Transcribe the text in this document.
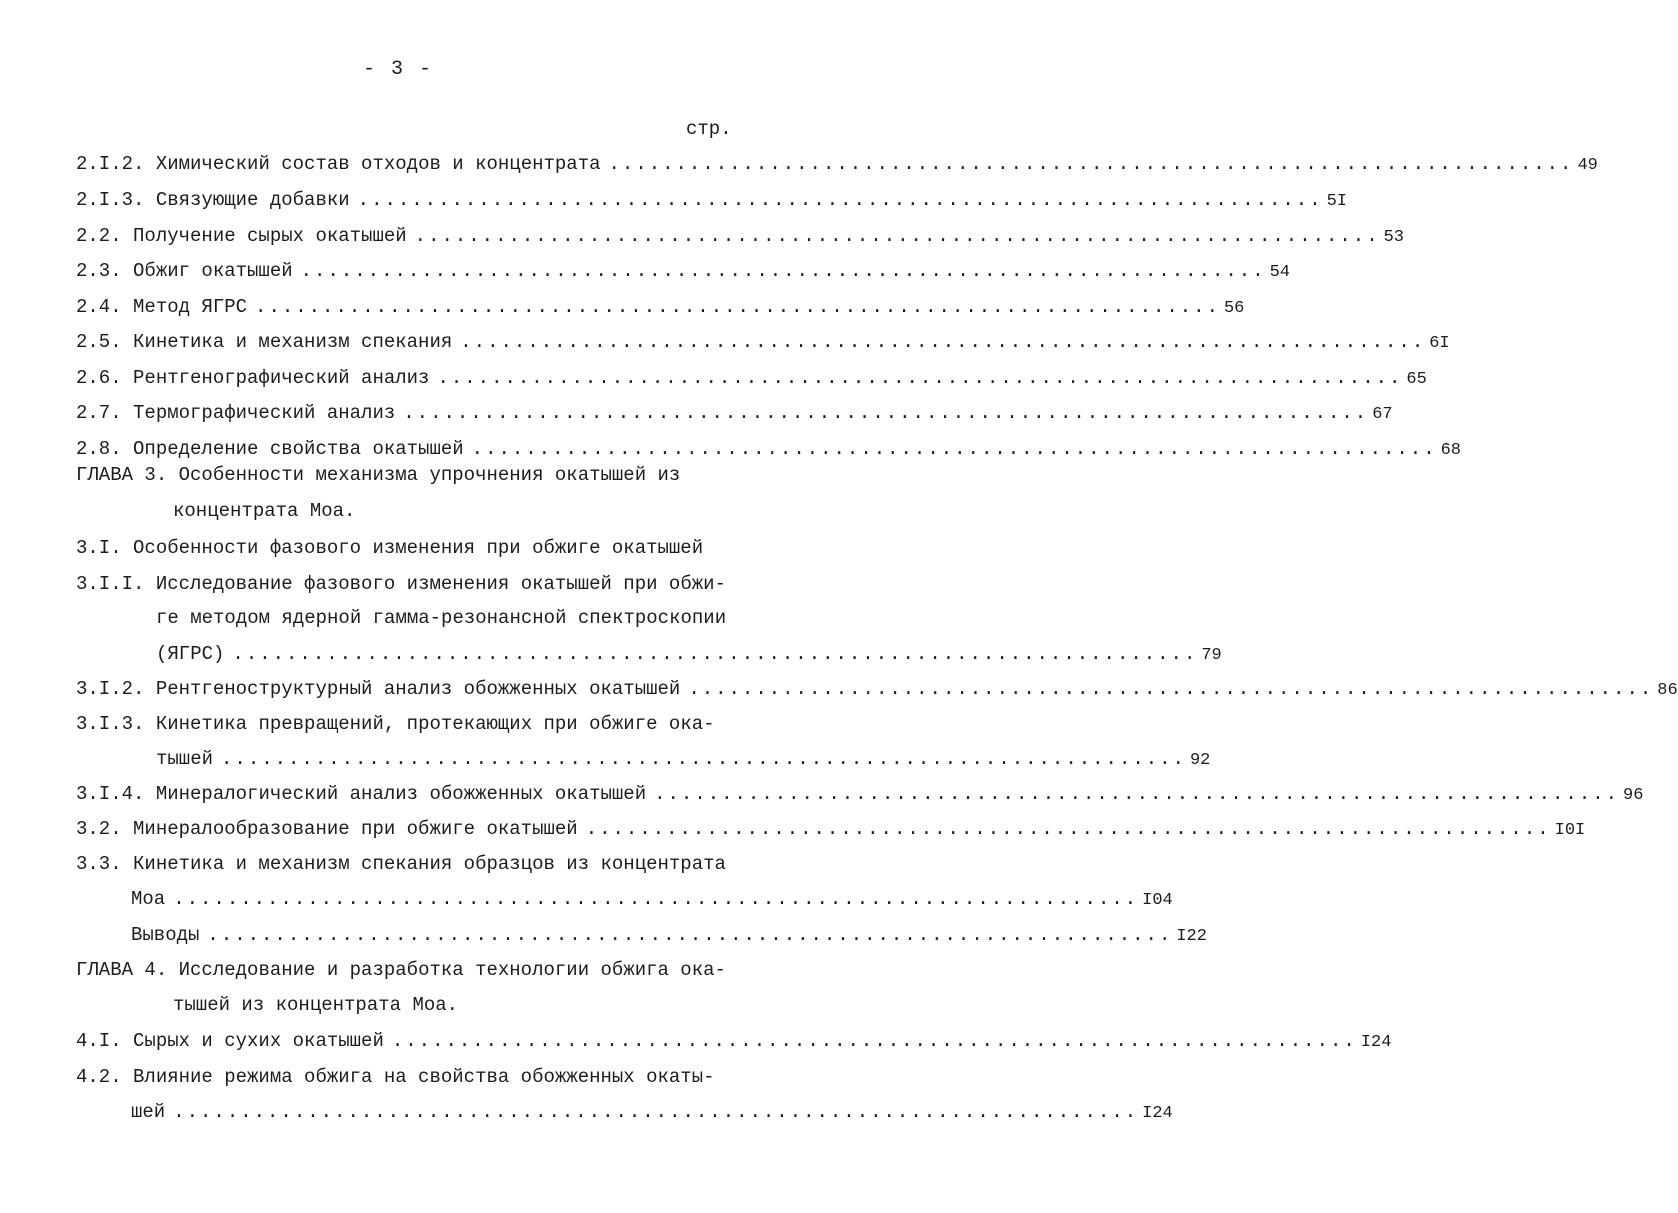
- 3 -
стр.
2.I.2. Химический состав отходов и концентрата ........................................................................ 49
2.I.3. Связующие добавки ........................................................................ 5I
2.2. Получение сырых окатышей ........................................................................ 53
2.3. Обжиг окатышей ........................................................................ 54
2.4. Метод ЯГРС ........................................................................ 56
2.5. Кинетика и механизм спекания ........................................................................ 6I
2.6. Рентгенографический анализ ........................................................................ 65
2.7. Термографический анализ ........................................................................ 67
2.8. Определение свойства окатышей ........................................................................ 68
ГЛАВА 3. Особенности механизма упрочнения окатышей из
концентрата Моа.
3.I. Особенности фазового изменения при обжиге окатышей
3.I.I. Исследование фазового изменения окатышей при обжи-
ге методом ядерной гамма-резонансной спектроскопии
(ЯГРС) ........................................................................ 79
3.I.2. Рентгеноструктурный анализ обожженных окатышей ........................................................................ 86
3.I.3. Кинетика превращений, протекающих при обжиге ока-
тышей ........................................................................ 92
3.I.4. Минералогический анализ обожженных окатышей ........................................................................ 96
3.2. Минералообразование при обжиге окатышей ........................................................................ I0I
3.3. Кинетика и механизм спекания образцов из концентрата
Моа ........................................................................ I04
Выводы ........................................................................ I22
ГЛАВА 4. Исследование и разработка технологии обжига ока-
тышей из концентрата Моа.
4.I. Сырых и сухих окатышей ........................................................................ I24
4.2. Влияние режима обжига на свойства обожженных окаты-
шей ........................................................................ I24
